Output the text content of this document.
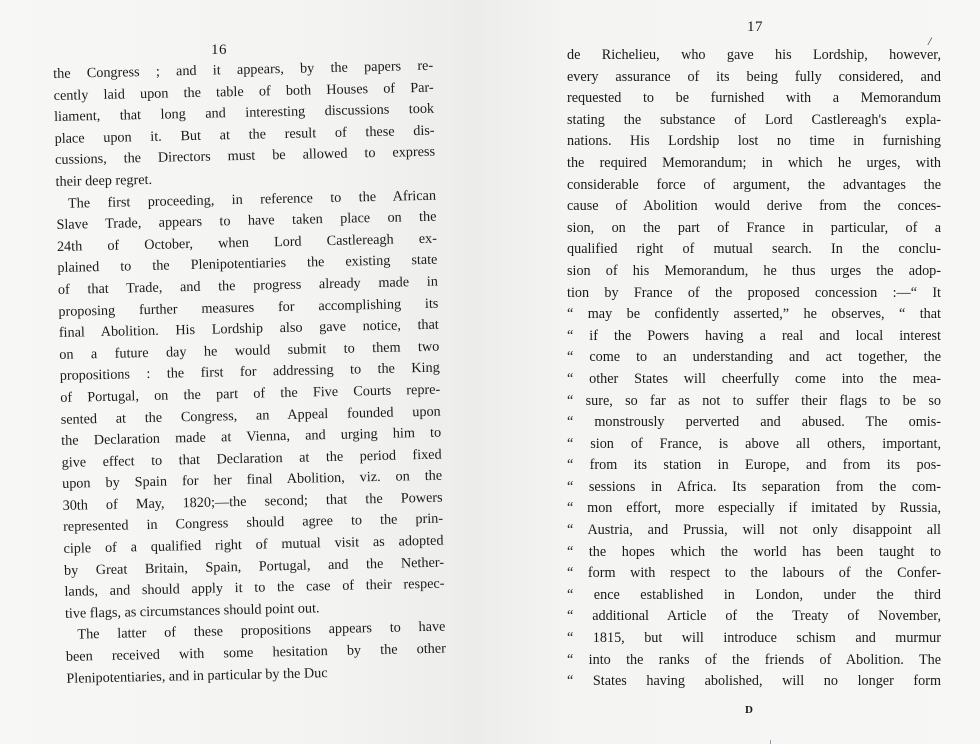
16
the Congress ; and it appears, by the papers re-
cently laid upon the table of both Houses of Par-
liament, that long and interesting discussions took
place upon it. But at the result of these dis-
cussions, the Directors must be allowed to express
their deep regret.
The first proceeding, in reference to the African
Slave Trade, appears to have taken place on the
24th of October, when Lord Castlereagh ex-
plained to the Plenipotentiaries the existing state
of that Trade, and the progress already made in
proposing further measures for accomplishing its
final Abolition. His Lordship also gave notice, that
on a future day he would submit to them two
propositions : the first for addressing to the King
of Portugal, on the part of the Five Courts repre-
sented at the Congress, an Appeal founded upon
the Declaration made at Vienna, and urging him to
give effect to that Declaration at the period fixed
upon by Spain for her final Abolition, viz. on the
30th of May, 1820;—the second; that the Powers
represented in Congress should agree to the prin-
ciple of a qualified right of mutual visit as adopted
by Great Britain, Spain, Portugal, and the Nether-
lands, and should apply it to the case of their respec-
tive flags, as circumstances should point out.
The latter of these propositions appears to have
been received with some hesitation by the other
Plenipotentiaries, and in particular by the Duc
17
/
de Richelieu, who gave his Lordship, however,
every assurance of its being fully considered, and
requested to be furnished with a Memorandum
stating the substance of Lord Castlereagh's expla-
nations. His Lordship lost no time in furnishing
the required Memorandum; in which he urges, with
considerable force of argument, the advantages the
cause of Abolition would derive from the conces-
sion, on the part of France in particular, of a
qualified right of mutual search. In the conclu-
sion of his Memorandum, he thus urges the adop-
tion by France of the proposed concession :—“ It
“ may be confidently asserted,” he observes, “ that
“ if the Powers having a real and local interest
“ come to an understanding and act together, the
“ other States will cheerfully come into the mea-
“ sure, so far as not to suffer their flags to be so
“ monstrously perverted and abused. The omis-
“ sion of France, is above all others, important,
“ from its station in Europe, and from its pos-
“ sessions in Africa. Its separation from the com-
“ mon effort, more especially if imitated by Russia,
“ Austria, and Prussia, will not only disappoint all
“ the hopes which the world has been taught to
“ form with respect to the labours of the Confer-
“ ence established in London, under the third
“ additional Article of the Treaty of November,
“ 1815, but will introduce schism and murmur
“ into the ranks of the friends of Abolition. The
“ States having abolished, will no longer form
D
